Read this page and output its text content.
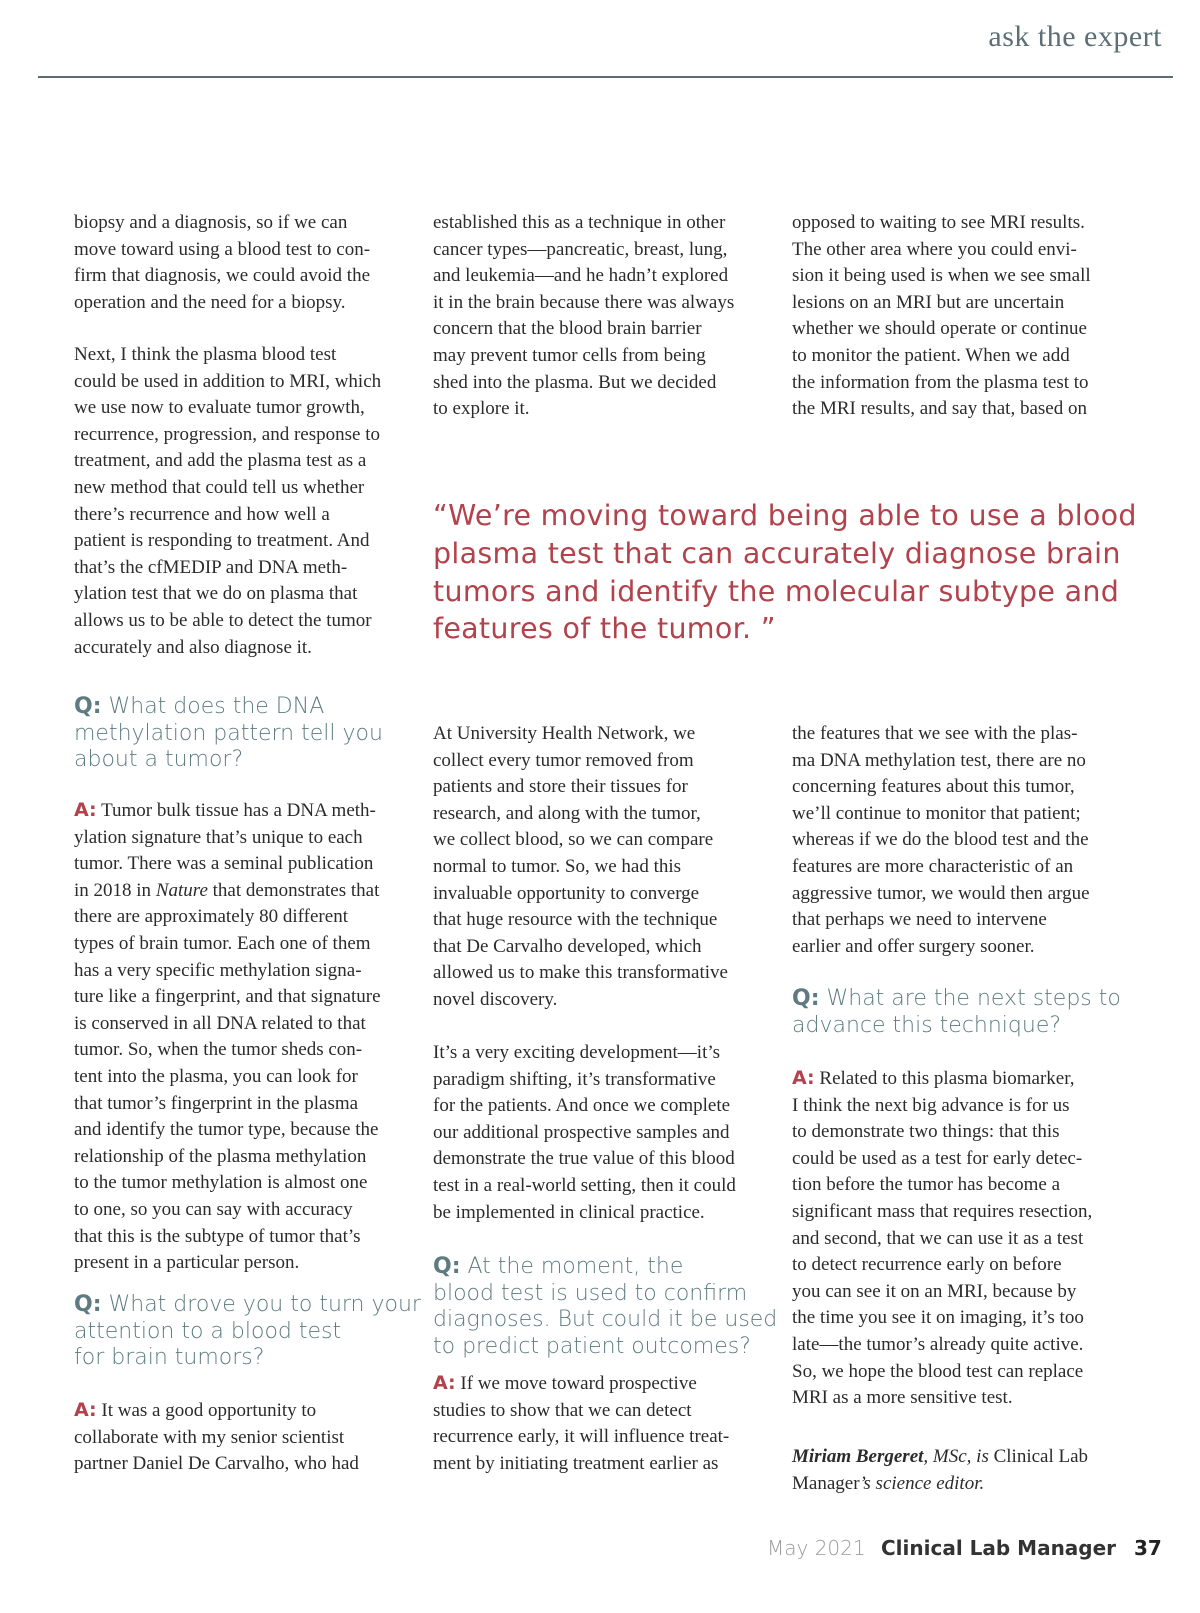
ask the expert

biopsy and a diagnosis, so if we can
move toward using a blood test to con-
firm that diagnosis, we could avoid the
operation and the need for a biopsy.

Next, I think the plasma blood test
could be used in addition to MRI, which
we use now to evaluate tumor growth,
recurrence, progression, and response to
treatment, and add the plasma test as a
new method that could tell us whether
there’s recurrence and how well a
patient is responding to treatment. And
that’s the cfMEDIP and DNA meth-
ylation test that we do on plasma that
allows us to be able to detect the tumor
accurately and also diagnose it.

Q: What does the DNA
methylation pattern tell you
about a tumor?

A: Tumor bulk tissue has a DNA meth-
ylation signature that’s unique to each
tumor. There was a seminal publication
in 2018 in Nature that demonstrates that
there are approximately 80 different
types of brain tumor. Each one of them
has a very specific methylation signa-
ture like a fingerprint, and that signature
is conserved in all DNA related to that
tumor. So, when the tumor sheds con-
tent into the plasma, you can look for
that tumor’s fingerprint in the plasma
and identify the tumor type, because the
relationship of the plasma methylation
to the tumor methylation is almost one
to one, so you can say with accuracy
that this is the subtype of tumor that’s
present in a particular person.

Q: What drove you to turn your
attention to a blood test
for brain tumors?

A: It was a good opportunity to
collaborate with my senior scientist
partner Daniel De Carvalho, who had

established this as a technique in other
cancer types—pancreatic, breast, lung,
and leukemia—and he hadn’t explored
it in the brain because there was always
concern that the blood brain barrier
may prevent tumor cells from being
shed into the plasma. But we decided
to explore it.

“We’re moving toward being able to use a blood
plasma test that can accurately diagnose brain
tumors and identify the molecular subtype and
features of the tumor. ”

At University Health Network, we
collect every tumor removed from
patients and store their tissues for
research, and along with the tumor,
we collect blood, so we can compare
normal to tumor. So, we had this
invaluable opportunity to converge
that huge resource with the technique
that De Carvalho developed, which
allowed us to make this transformative
novel discovery.

It’s a very exciting development—it’s
paradigm shifting, it’s transformative
for the patients. And once we complete
our additional prospective samples and
demonstrate the true value of this blood
test in a real-world setting, then it could
be implemented in clinical practice.

Q: At the moment, the
blood test is used to confirm
diagnoses. But could it be used
to predict patient outcomes?

A: If we move toward prospective
studies to show that we can detect
recurrence early, it will influence treat-
ment by initiating treatment earlier as

opposed to waiting to see MRI results.
The other area where you could envi-
sion it being used is when we see small
lesions on an MRI but are uncertain
whether we should operate or continue
to monitor the patient. When we add
the information from the plasma test to
the MRI results, and say that, based on

the features that we see with the plas-
ma DNA methylation test, there are no
concerning features about this tumor,
we’ll continue to monitor that patient;
whereas if we do the blood test and the
features are more characteristic of an
aggressive tumor, we would then argue
that perhaps we need to intervene
earlier and offer surgery sooner.

Q: What are the next steps to
advance this technique?

A: Related to this plasma biomarker,
I think the next big advance is for us
to demonstrate two things: that this
could be used as a test for early detec-
tion before the tumor has become a
significant mass that requires resection,
and second, that we can use it as a test
to detect recurrence early on before
you can see it on an MRI, because by
the time you see it on imaging, it’s too
late—the tumor’s already quite active.
So, we hope the blood test can replace
MRI as a more sensitive test.

Miriam Bergeret, MSc, is Clinical Lab
Manager’s science editor.

May 2021 Clinical Lab Manager 37
